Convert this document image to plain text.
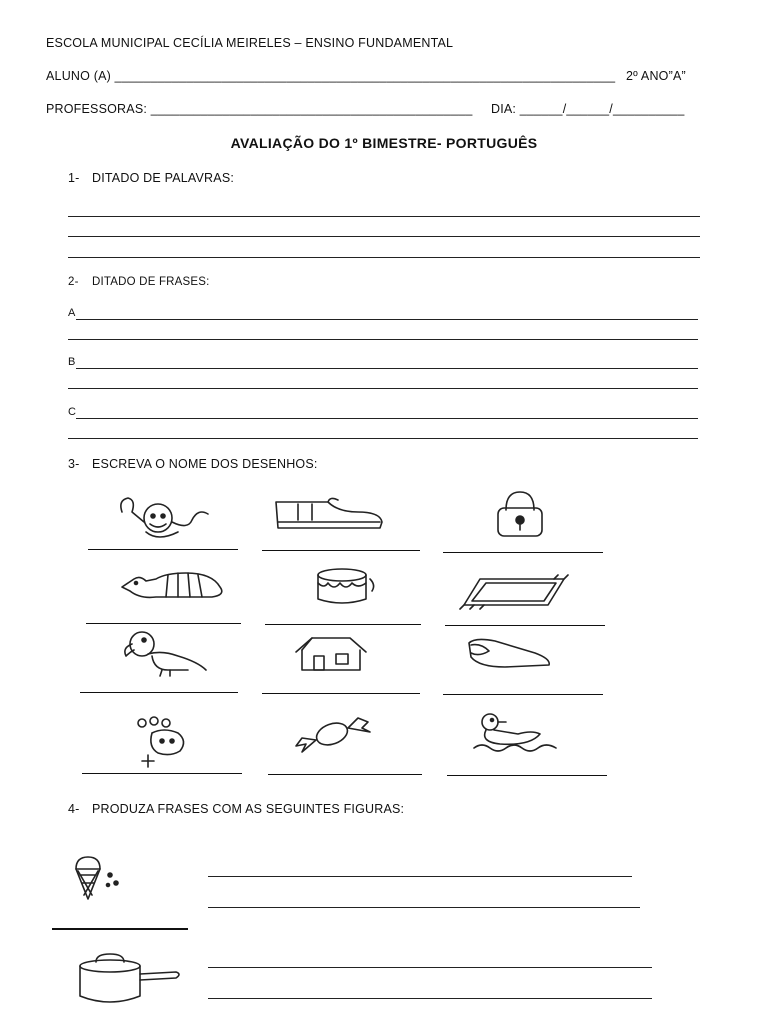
ESCOLA MUNICIPAL CECÍLIA MEIRELES – ENSINO FUNDAMENTAL
ALUNO (A) ______________________________________________________________________ 2º ANO”A”
PROFESSORAS: _____________________________________________ DIA: ______/______/__________
AVALIAÇÃO DO 1º BIMESTRE- PORTUGUÊS
1- DITADO DE PALAVRAS:
2- DITADO DE FRASES:
A
B
C
3- ESCREVA O NOME DOS DESENHOS:
4- PRODUZA FRASES COM AS SEGUINTES FIGURAS:
